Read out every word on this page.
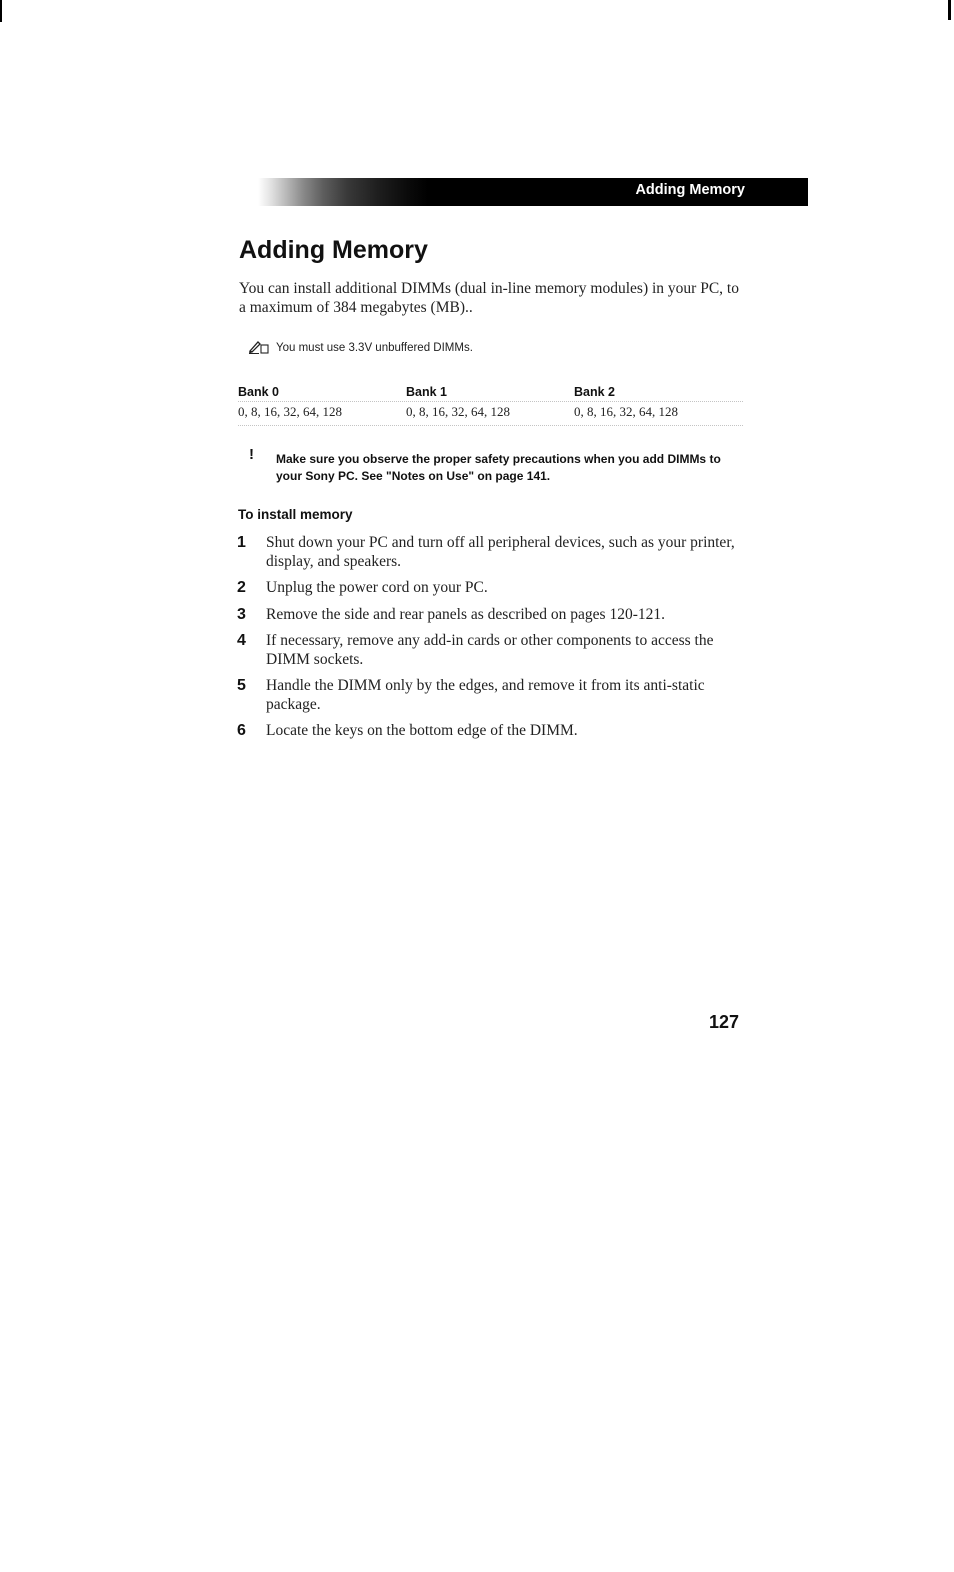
Adding Memory
Adding Memory

You can install additional DIMMs (dual in-line memory modules) in your PC, to a maximum of 384 megabytes (MB)..

You must use 3.3V unbuffered DIMMs.
Bank 0
0, 8, 16, 32, 64, 128
Bank 1
0, 8, 16, 32, 64, 128
Bank 2
0, 8, 16, 32, 64, 128
! Make sure you observe the proper safety precautions when you add DIMMs to your Sony PC. See "Notes on Use" on page 141.

To install memory
1 Shut down your PC and turn off all peripheral devices, such as your printer, display, and speakers.
2 Unplug the power cord on your PC.
3 Remove the side and rear panels as described on pages 120-121.
4 If necessary, remove any add-in cards or other components to access the DIMM sockets.
5 Handle the DIMM only by the edges, and remove it from its anti-static package.
6 Locate the keys on the bottom edge of the DIMM.
127
